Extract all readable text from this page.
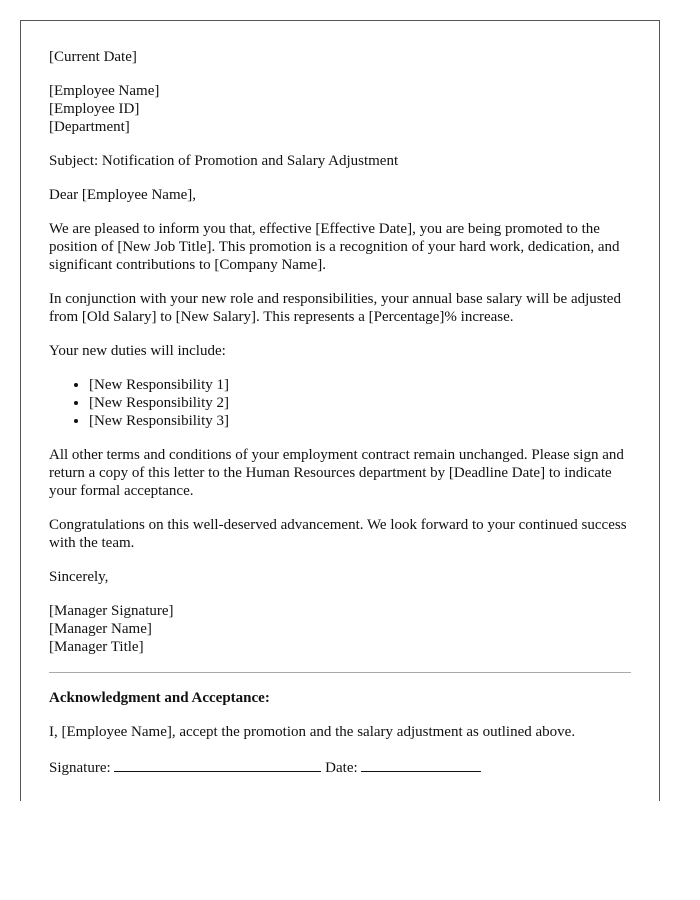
[Current Date]

[Employee Name]
[Employee ID]
[Department]

Subject: Notification of Promotion and Salary Adjustment

Dear [Employee Name],

We are pleased to inform you that, effective [Effective Date], you are being promoted to the position of [New Job Title]. This promotion is a recognition of your hard work, dedication, and significant contributions to [Company Name].

In conjunction with your new role and responsibilities, your annual base salary will be adjusted from [Old Salary] to [New Salary]. This represents a [Percentage]% increase.

Your new duties will include:

• [New Responsibility 1]
• [New Responsibility 2]
• [New Responsibility 3]

All other terms and conditions of your employment contract remain unchanged. Please sign and return a copy of this letter to the Human Resources department by [Deadline Date] to indicate your formal acceptance.

Congratulations on this well-deserved advancement. We look forward to your continued success with the team.

Sincerely,

[Manager Signature]
[Manager Name]
[Manager Title]

Acknowledgment and Acceptance:

I, [Employee Name], accept the promotion and the salary adjustment as outlined above.

Signature:	Date:
